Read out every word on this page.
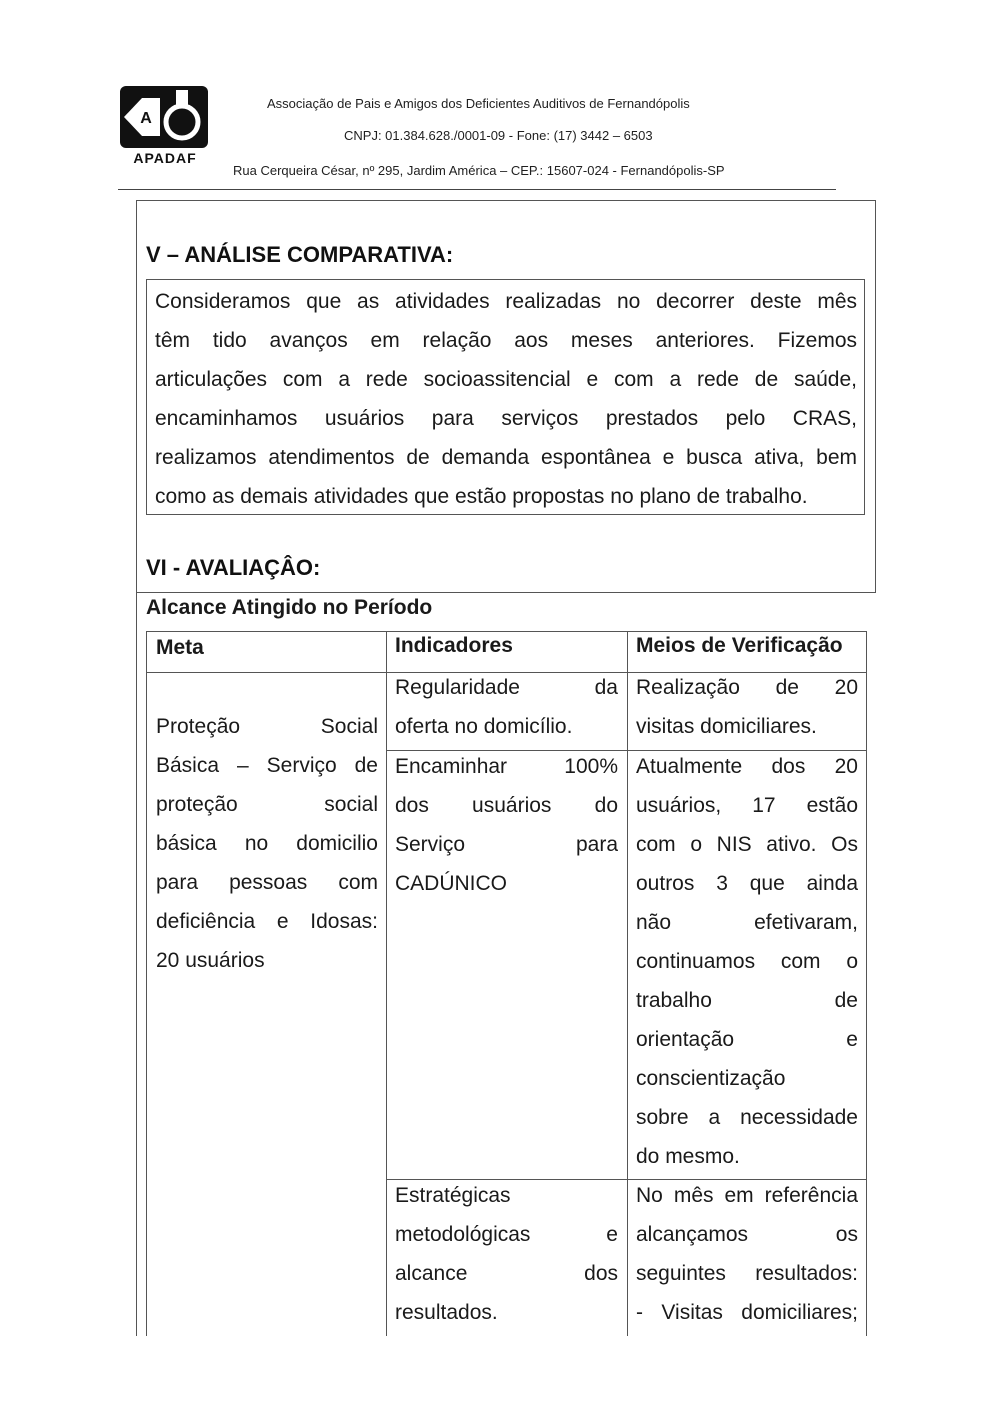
A
APADAF
Associação de Pais e Amigos dos Deficientes Auditivos de Fernandópolis
CNPJ: 01.384.628./0001-09 - Fone: (17) 3442 – 6503
Rua Cerqueira César, nº 295, Jardim América – CEP.: 15607-024 - Fernandópolis-SP
V – ANÁLISE COMPARATIVA:

Consideramos que as atividades realizadas no decorrer deste mês
têm tido avanços em relação aos meses anteriores. Fizemos
articulações com a rede socioassitencial e com a rede de saúde,
encaminhamos usuários para serviços prestados pelo CRAS,
realizamos atendimentos de demanda espontânea e busca ativa, bem
como as demais atividades que estão propostas no plano de trabalho.

VI - AVALIAÇÂO:
Alcance Atingido no Período
Meta	Indicadores	Meios de Verificação
Proteção Social
Básica – Serviço de
proteção social
básica no domicilio
para pessoas com
deficiência e Idosas:
20 usuários
Regularidade da
oferta no domicílio.
Realização de 20
visitas domiciliares.
Encaminhar 100%
dos usuários do
Serviço para
CADÚNICO
Atualmente dos 20
usuários, 17 estão
com o NIS ativo. Os
outros 3 que ainda
não efetivaram,
continuamos com o
trabalho de
orientação e
conscientização
sobre a necessidade
do mesmo.
Estratégicas
metodológicas e
alcance dos
resultados.
No mês em referência
alcançamos os
seguintes resultados:
- Visitas domiciliares;
